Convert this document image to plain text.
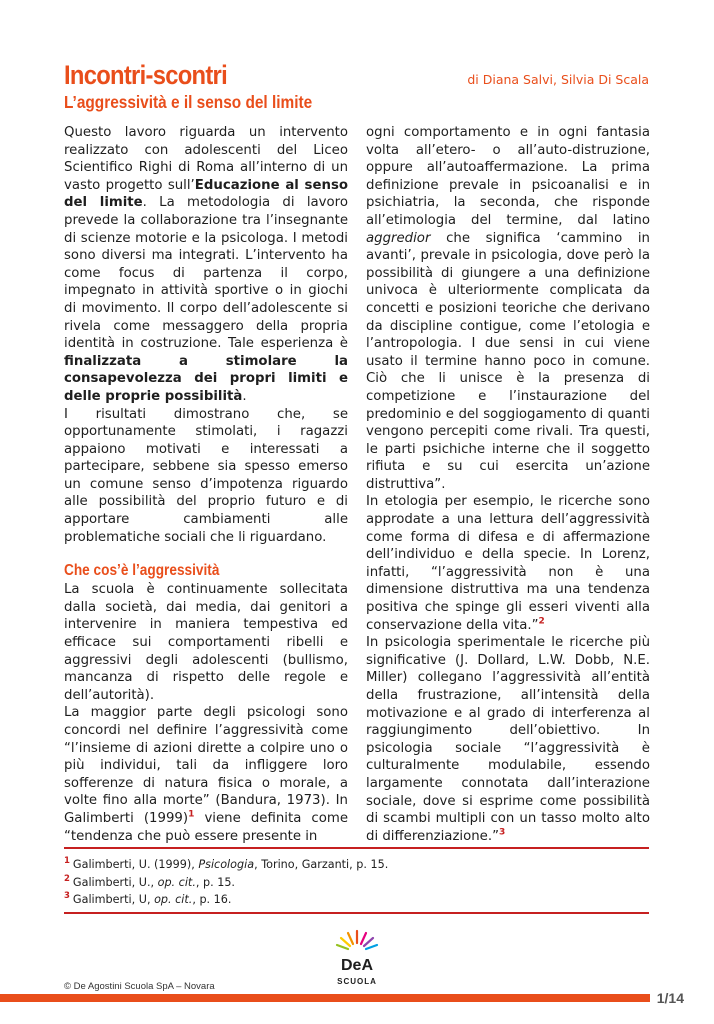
Incontri-scontri
L’aggressività e il senso del limite
di Diana Salvi, Silvia Di Scala

Questo lavoro riguarda un intervento realizzato con adolescenti del Liceo Scientifico Righi di Roma all’interno di un vasto progetto sull’Educazione al senso del limite. La metodologia di lavoro prevede la collaborazione tra l’insegnante di scienze motorie e la psicologa. I metodi sono diversi ma integrati. L’intervento ha come focus di partenza il corpo, impegnato in attività sportive o in giochi di movimento. Il corpo dell’adolescente si rivela come messaggero della propria identità in costruzione. Tale esperienza è finalizzata a stimolare la consapevolezza dei propri limiti e delle proprie possibilità.

I risultati dimostrano che, se opportunamente stimolati, i ragazzi appaiono motivati e interessati a partecipare, sebbene sia spesso emerso un comune senso d’impotenza riguardo alle possibilità del proprio futuro e di apportare cambiamenti alle problematiche sociali che li riguardano.

Che cos’è l’aggressività

La scuola è continuamente sollecitata dalla società, dai media, dai genitori a intervenire in maniera tempestiva ed efficace sui comportamenti ribelli e aggressivi degli adolescenti (bullismo, mancanza di rispetto delle regole e dell’autorità).

La maggior parte degli psicologi sono concordi nel definire l’aggressività come “l’insieme di azioni dirette a colpire uno o più individui, tali da infliggere loro sofferenze di natura fisica o morale, a volte fino alla morte” (Bandura, 1973). In Galimberti $(1999)^1$ viene definita come “tendenza che può essere presente in

ogni comportamento e in ogni fantasia volta all’etero- o all’auto-distruzione, oppure all’autoaffermazione. La prima definizione prevale in psicoanalisi e in psichiatria, la seconda, che risponde all’etimologia del termine, dal latino aggredior che significa ‘cammino in avanti’, prevale in psicologia, dove però la possibilità di giungere a una definizione univoca è ulteriormente complicata da concetti e posizioni teoriche che derivano da discipline contigue, come l’etologia e l’antropologia. I due sensi in cui viene usato il termine hanno poco in comune. Ciò che li unisce è la presenza di competizione e l’instaurazione del predominio e del soggiogamento di quanti vengono percepiti come rivali. Tra questi, le parti psichiche interne che il soggetto rifiuta e su cui esercita un’azione distruttiva”.

In etologia per esempio, le ricerche sono approdate a una lettura dell’aggressività come forma di difesa e di affermazione dell’individuo e della specie. In Lorenz, infatti, “l’aggressività non è una dimensione distruttiva ma una tendenza positiva che spinge gli esseri viventi alla conservazione della vita.”$^2$

In psicologia sperimentale le ricerche più significative (J. Dollard, L.W. Dobb, N.E. Miller) collegano l’aggressività all’entità della frustrazione, all’intensità della motivazione e al grado di interferenza al raggiungimento dell’obiettivo. In psicologia sociale “l’aggressività è culturalmente modulabile, essendo largamente connotata dall’interazione sociale, dove si esprime come possibilità di scambi multipli con un tasso molto alto di differenziazione.”$^3$

$^1$ Galimberti, U. (1999), Psicologia, Torino, Garzanti, p. 15.
$^2$ Galimberti, U., op. cit., p. 15.
$^3$ Galimberti, U, op. cit., p. 16.
DeA
SCUOLA
© De Agostini Scuola SpA – Novara
1/14
